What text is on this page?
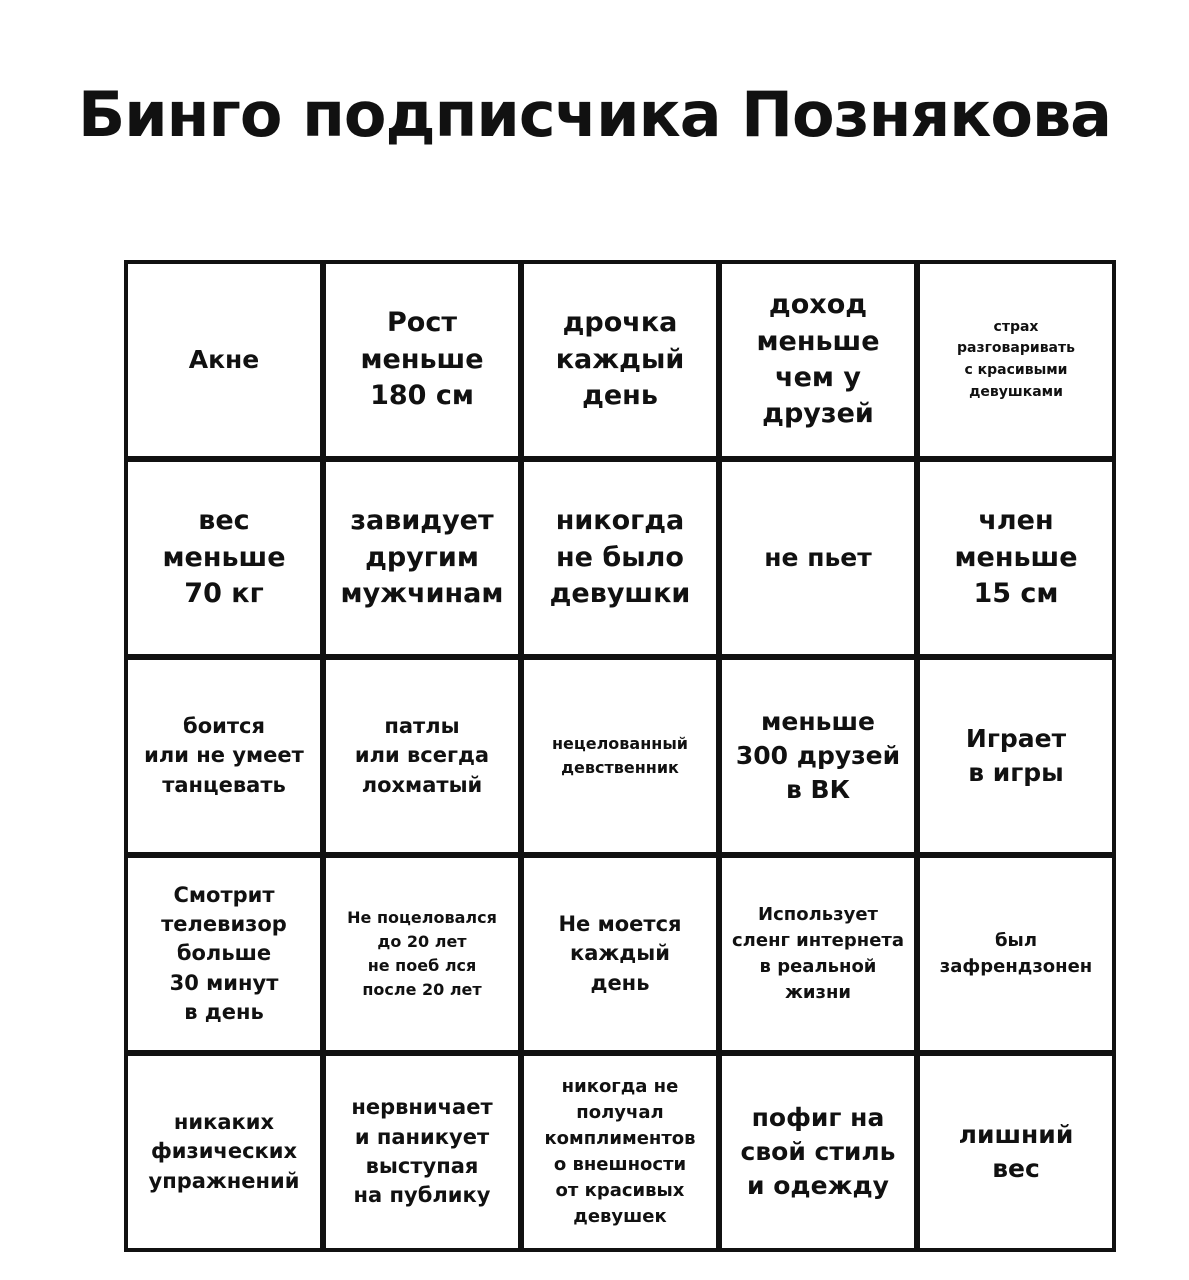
Бинго подписчика Познякова
Акне
Рост
меньше
180 см
дрочка
каждый
день
доход
меньше
чем у
друзей
страх
разговаривать
с красивыми
девушками
вес
меньше
70 кг
завидует
другим
мужчинам
никогда
не было
девушки
не пьет
член
меньше
15 см
боится
или не умеет
танцевать
патлы
или всегда
лохматый
нецелованный
девственник
меньше
300 друзей
в ВК
Играет
в игры
Смотрит
телевизор
больше
30 минут
в день
Не поцеловался
до 20 лет
не поеб лся
после 20 лет
Не моется
каждый
день
Использует
сленг интернета
в реальной
жизни
был
зафрендзонен
никаких
физических
упражнений
нервничает
и паникует
выступая
на публику
никогда не
получал
комплиментов
о внешности
от красивых
девушек
пофиг на
свой стиль
и одежду
лишний
вес
